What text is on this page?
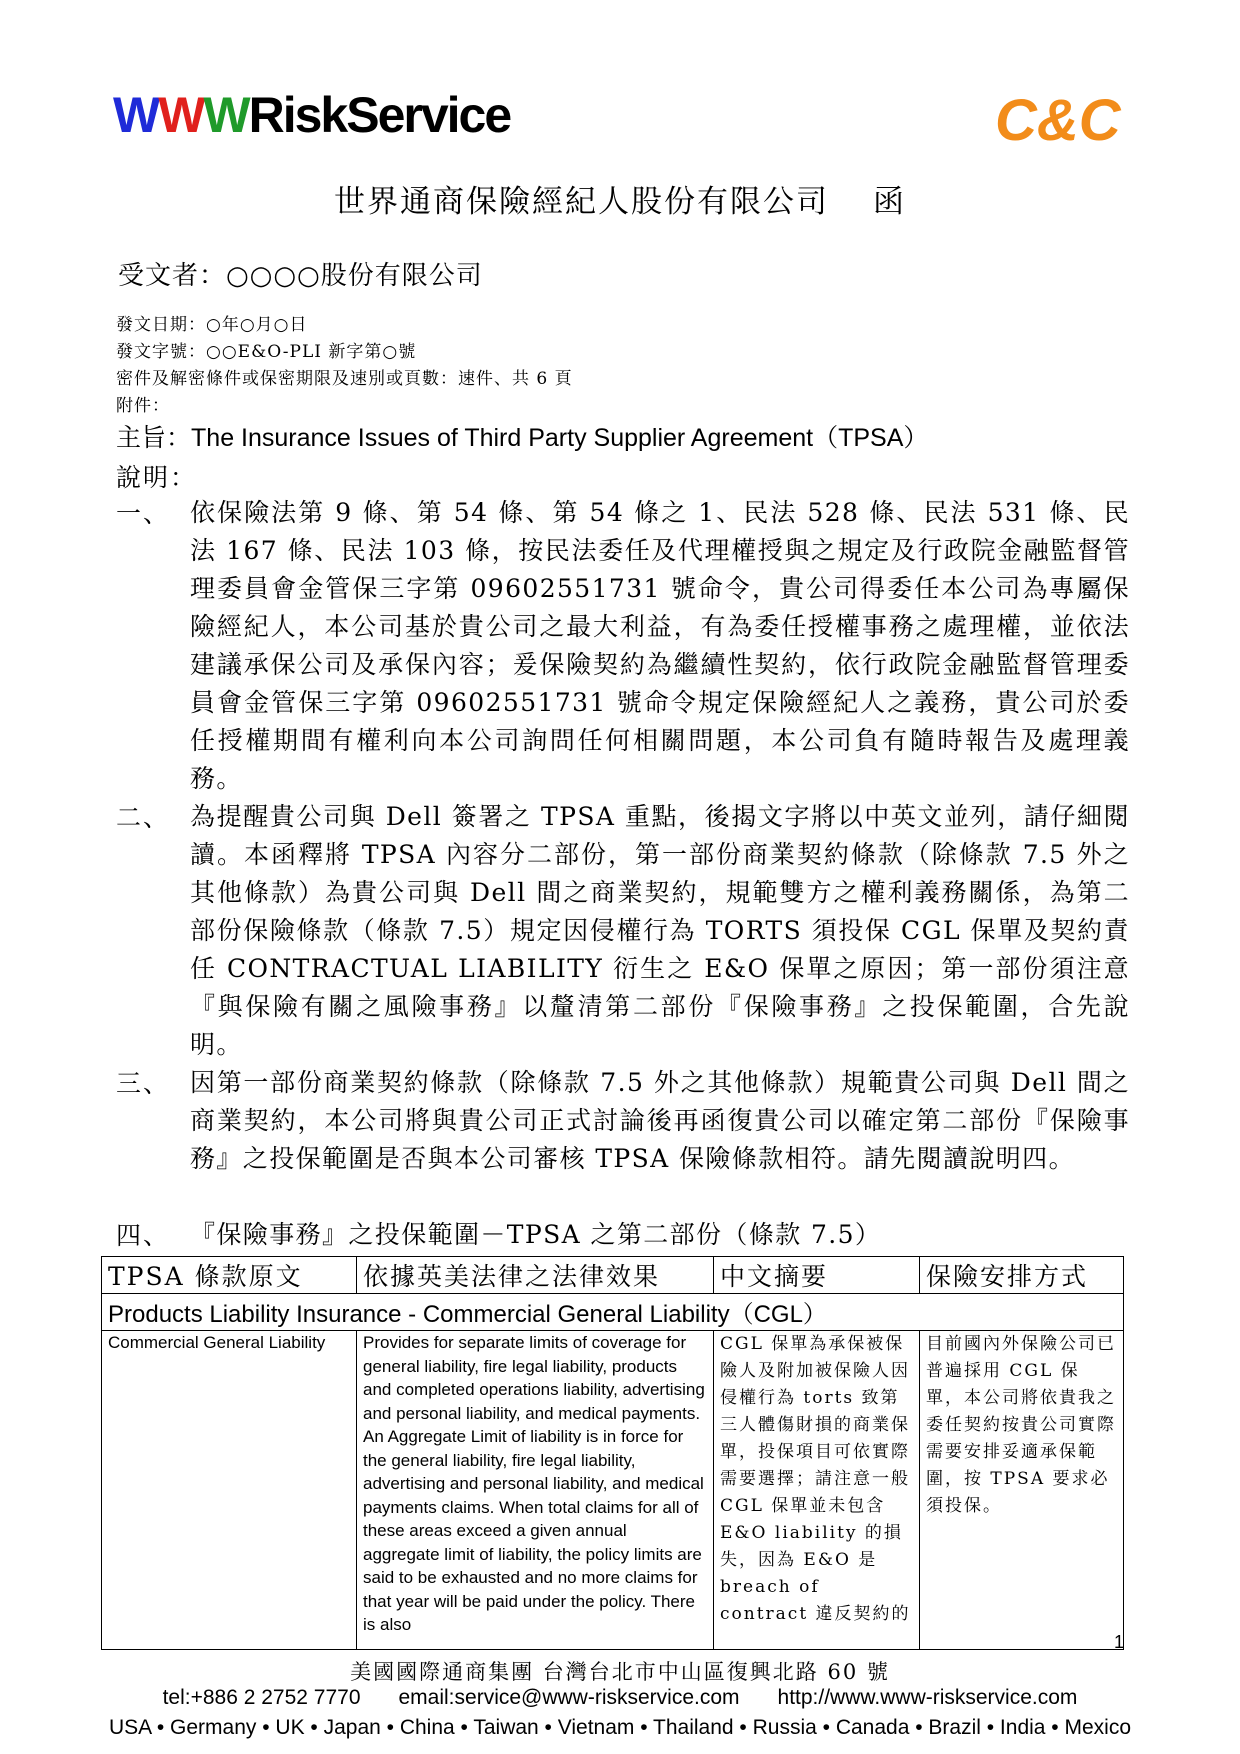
WWWRiskService	C&C
世界通商保險經紀人股份有限公司 函
受文者：○○○○股份有限公司
發文日期：○年○月○日
發文字號：○○E&O-PLI 新字第○號
密件及解密條件或保密期限及速別或頁數：速件、共 6 頁
附件：
主旨：The Insurance Issues of Third Party Supplier Agreement（TPSA）
說明：
一、 依保險法第 9 條、第 54 條、第 54 條之 1、民法 528 條、民法 531 條、民法 167 條、民法 103 條，按民法委任及代理權授與之規定及行政院金融監督管理委員會金管保三字第 09602551731 號命令，貴公司得委任本公司為專屬保險經紀人，本公司基於貴公司之最大利益，有為委任授權事務之處理權，並依法建議承保公司及承保內容；爰保險契約為繼續性契約，依行政院金融監督管理委員會金管保三字第 09602551731 號命令規定保險經紀人之義務，貴公司於委任授權期間有權利向本公司詢問任何相關問題，本公司負有隨時報告及處理義務。
二、 為提醒貴公司與 Dell 簽署之 TPSA 重點，後揭文字將以中英文並列，請仔細閱讀。本函釋將 TPSA 內容分二部份，第一部份商業契約條款（除條款 7.5 外之其他條款）為貴公司與 Dell 間之商業契約，規範雙方之權利義務關係，為第二部份保險條款（條款 7.5）規定因侵權行為 TORTS 須投保 CGL 保單及契約責任 CONTRACTUAL LIABILITY 衍生之 E&O 保單之原因；第一部份須注意『與保險有關之風險事務』以釐清第二部份『保險事務』之投保範圍，合先說明。
三、 因第一部份商業契約條款（除條款 7.5 外之其他條款）規範貴公司與 Dell 間之商業契約，本公司將與貴公司正式討論後再函復貴公司以確定第二部份『保險事務』之投保範圍是否與本公司審核 TPSA 保險條款相符。請先閱讀說明四。
四、 『保險事務』之投保範圍－TPSA 之第二部份（條款 7.5）
TPSA 條款原文	依據英美法律之法律效果	中文摘要	保險安排方式
Products Liability Insurance - Commercial General Liability（CGL）			
Commercial General Liability	Provides for separate limits of coverage for general liability, fire legal liability, products and completed operations liability, advertising and personal liability, and medical payments. An Aggregate Limit of liability is in force for the general liability, fire legal liability, advertising and personal liability, and medical payments claims. When total claims for all of these areas exceed a given annual aggregate limit of liability, the policy limits are said to be exhausted and no more claims for that year will be paid under the policy. There is also	CGL 保單為承保被保險人及附加被保險人因侵權行為 torts 致第三人體傷財損的商業保單，投保項目可依實際需要選擇；請注意一般 CGL 保單並未包含 E&O liability 的損失，因為 E&O 是 breach of contract 違反契約的	目前國內外保險公司已普遍採用 CGL 保單，本公司將依貴我之委任契約按貴公司實際需要安排妥適承保範圍，按 TPSA 要求必須投保。
1
美國國際通商集團 台灣台北市中山區復興北路 60 號
tel:+886 2 2752 7770 email:service@www-riskservice.com http://www.www-riskservice.com
USA • Germany • UK • Japan • China • Taiwan • Vietnam • Thailand • Russia • Canada • Brazil • India • Mexico
